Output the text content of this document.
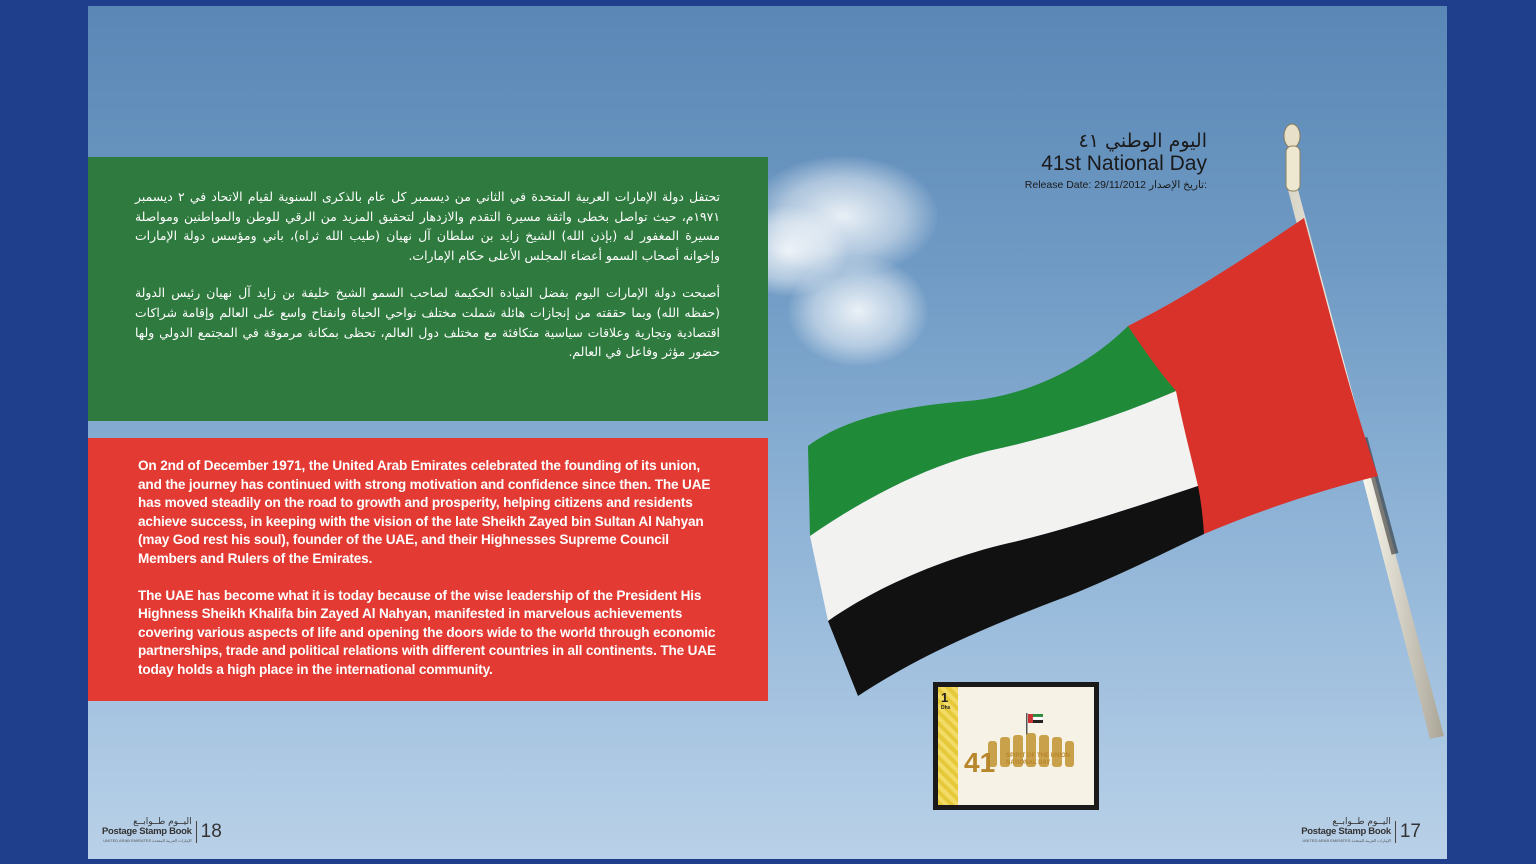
اليوم الوطني ٤١
41st National Day
Release Date: 29/11/2012 تاريخ الإصدار:

تحتفل دولة الإمارات العربية المتحدة في الثاني من ديسمبر كل عام بالذكرى السنوية لقيام الاتحاد في ٢ ديسمبر ١٩٧١م، حيث تواصل بخطى واثقة مسيرة التقدم والازدهار لتحقيق المزيد من الرقي للوطن والمواطنين ومواصلة مسيرة المغفور له (بإذن الله) الشيخ زايد بن سلطان آل نهيان (طيب الله ثراه)، باني ومؤسس دولة الإمارات وإخوانه أصحاب السمو أعضاء المجلس الأعلى حكام الإمارات.

أصبحت دولة الإمارات اليوم بفضل القيادة الحكيمة لصاحب السمو الشيخ خليفة بن زايد آل نهيان رئيس الدولة (حفظه الله) وبما حققته من إنجازات هائلة شملت مختلف نواحي الحياة وانفتاح واسع على العالم وإقامة شراكات اقتصادية وتجارية وعلاقات سياسية متكافئة مع مختلف دول العالم، تحظى بمكانة مرموقة في المجتمع الدولي ولها حضور مؤثر وفاعل في العالم.

On 2nd of December 1971, the United Arab Emirates celebrated the founding of its union, and the journey has continued with strong motivation and confidence since then. The UAE has moved steadily on the road to growth and prosperity, helping citizens and residents achieve success, in keeping with the vision of the late Sheikh Zayed bin Sultan Al Nahyan (may God rest his soul), founder of the UAE, and their Highnesses Supreme Council Members and Rulers of the Emirates.

The UAE has become what it is today because of the wise leadership of the President His Highness Sheikh Khalifa bin Zayed Al Nahyan, manifested in marvelous achievements covering various aspects of life and opening the doors wide to the world through economic partnerships, trade and political relations with different countries in all continents. The UAE today holds a high place in the international community.

1
Dhs
41 SPIRIT OF THE UNION
NATIONAL DAY
اليــوم طــوابــع
Postage Stamp Book
UNITED ARAB EMIRATES الإمارات العربية المتحدة 18	اليــوم طــوابــع
Postage Stamp Book
UNITED ARAB EMIRATES الإمارات العربية المتحدة 17
